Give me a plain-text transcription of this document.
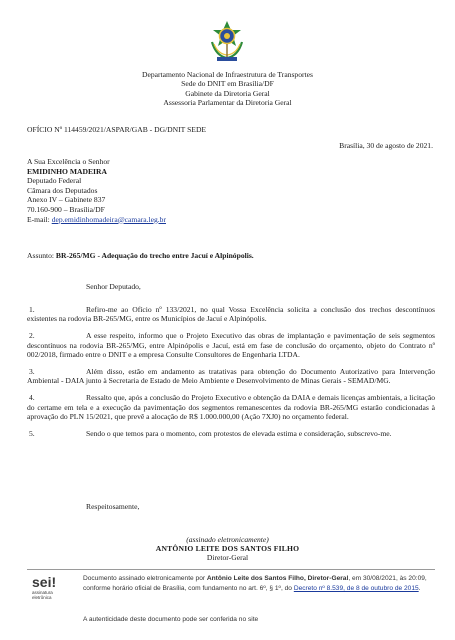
Departamento Nacional de Infraestrutura de Transportes
Sede do DNIT em Brasília/DF
Gabinete da Diretoria Geral
Assessoria Parlamentar da Diretoria Geral
OFÍCIO Nº 114459/2021/ASPAR/GAB - DG/DNIT SEDE
Brasília, 30 de agosto de 2021.
A Sua Excelência o Senhor
EMIDINHO MADEIRA
Deputado Federal
Câmara dos Deputados
Anexo IV – Gabinete 837
70.160-900 – Brasília/DF
E-mail: dep.emidinhomadeira@camara.leg.br
Assunto: BR-265/MG - Adequação do trecho entre Jacuí e Alpinópolis.
Senhor Deputado,
1.	Refiro-me ao Ofício nº 133/2021, no qual Vossa Excelência solicita a conclusão dos trechos descontínuos existentes na rodovia BR-265/MG, entre os Municípios de Jacuí e Alpinópolis.
2.	A esse respeito, informo que o Projeto Executivo das obras de implantação e pavimentação de seis segmentos descontínuos na rodovia BR-265/MG, entre Alpinópolis e Jacuí, está em fase de conclusão do orçamento, objeto do Contrato nº 002/2018, firmado entre o DNIT e a empresa Consulte Consultores de Engenharia LTDA.
3.	Além disso, estão em andamento as tratativas para obtenção do Documento Autorizativo para Intervenção Ambiental - DAIA junto à Secretaria de Estado de Meio Ambiente e Desenvolvimento de Minas Gerais - SEMAD/MG.
4.	Ressalto que, após a conclusão do Projeto Executivo e obtenção da DAIA e demais licenças ambientais, a licitação do certame em tela e a execução da pavimentação dos segmentos remanescentes da rodovia BR-265/MG estarão condicionadas à aprovação do PLN 15/2021, que prevê a alocação de R$ 1.000.000,00 (Ação 7XJ0) no orçamento federal.
5.	Sendo o que temos para o momento, com protestos de elevada estima e consideração, subscrevo-me.
Respeitosamente,
(assinado eletronicamente)
ANTÔNIO LEITE DOS SANTOS FILHO
Diretor-Geral
sei!
assinatura
eletrônica
Documento assinado eletronicamente por Antônio Leite dos Santos Filho, Diretor-Geral, em 30/08/2021, às 20:09, conforme horário oficial de Brasília, com fundamento no art. 6º, § 1º, do Decreto nº 8.539, de 8 de outubro de 2015.
A autenticidade deste documento pode ser conferida no site
